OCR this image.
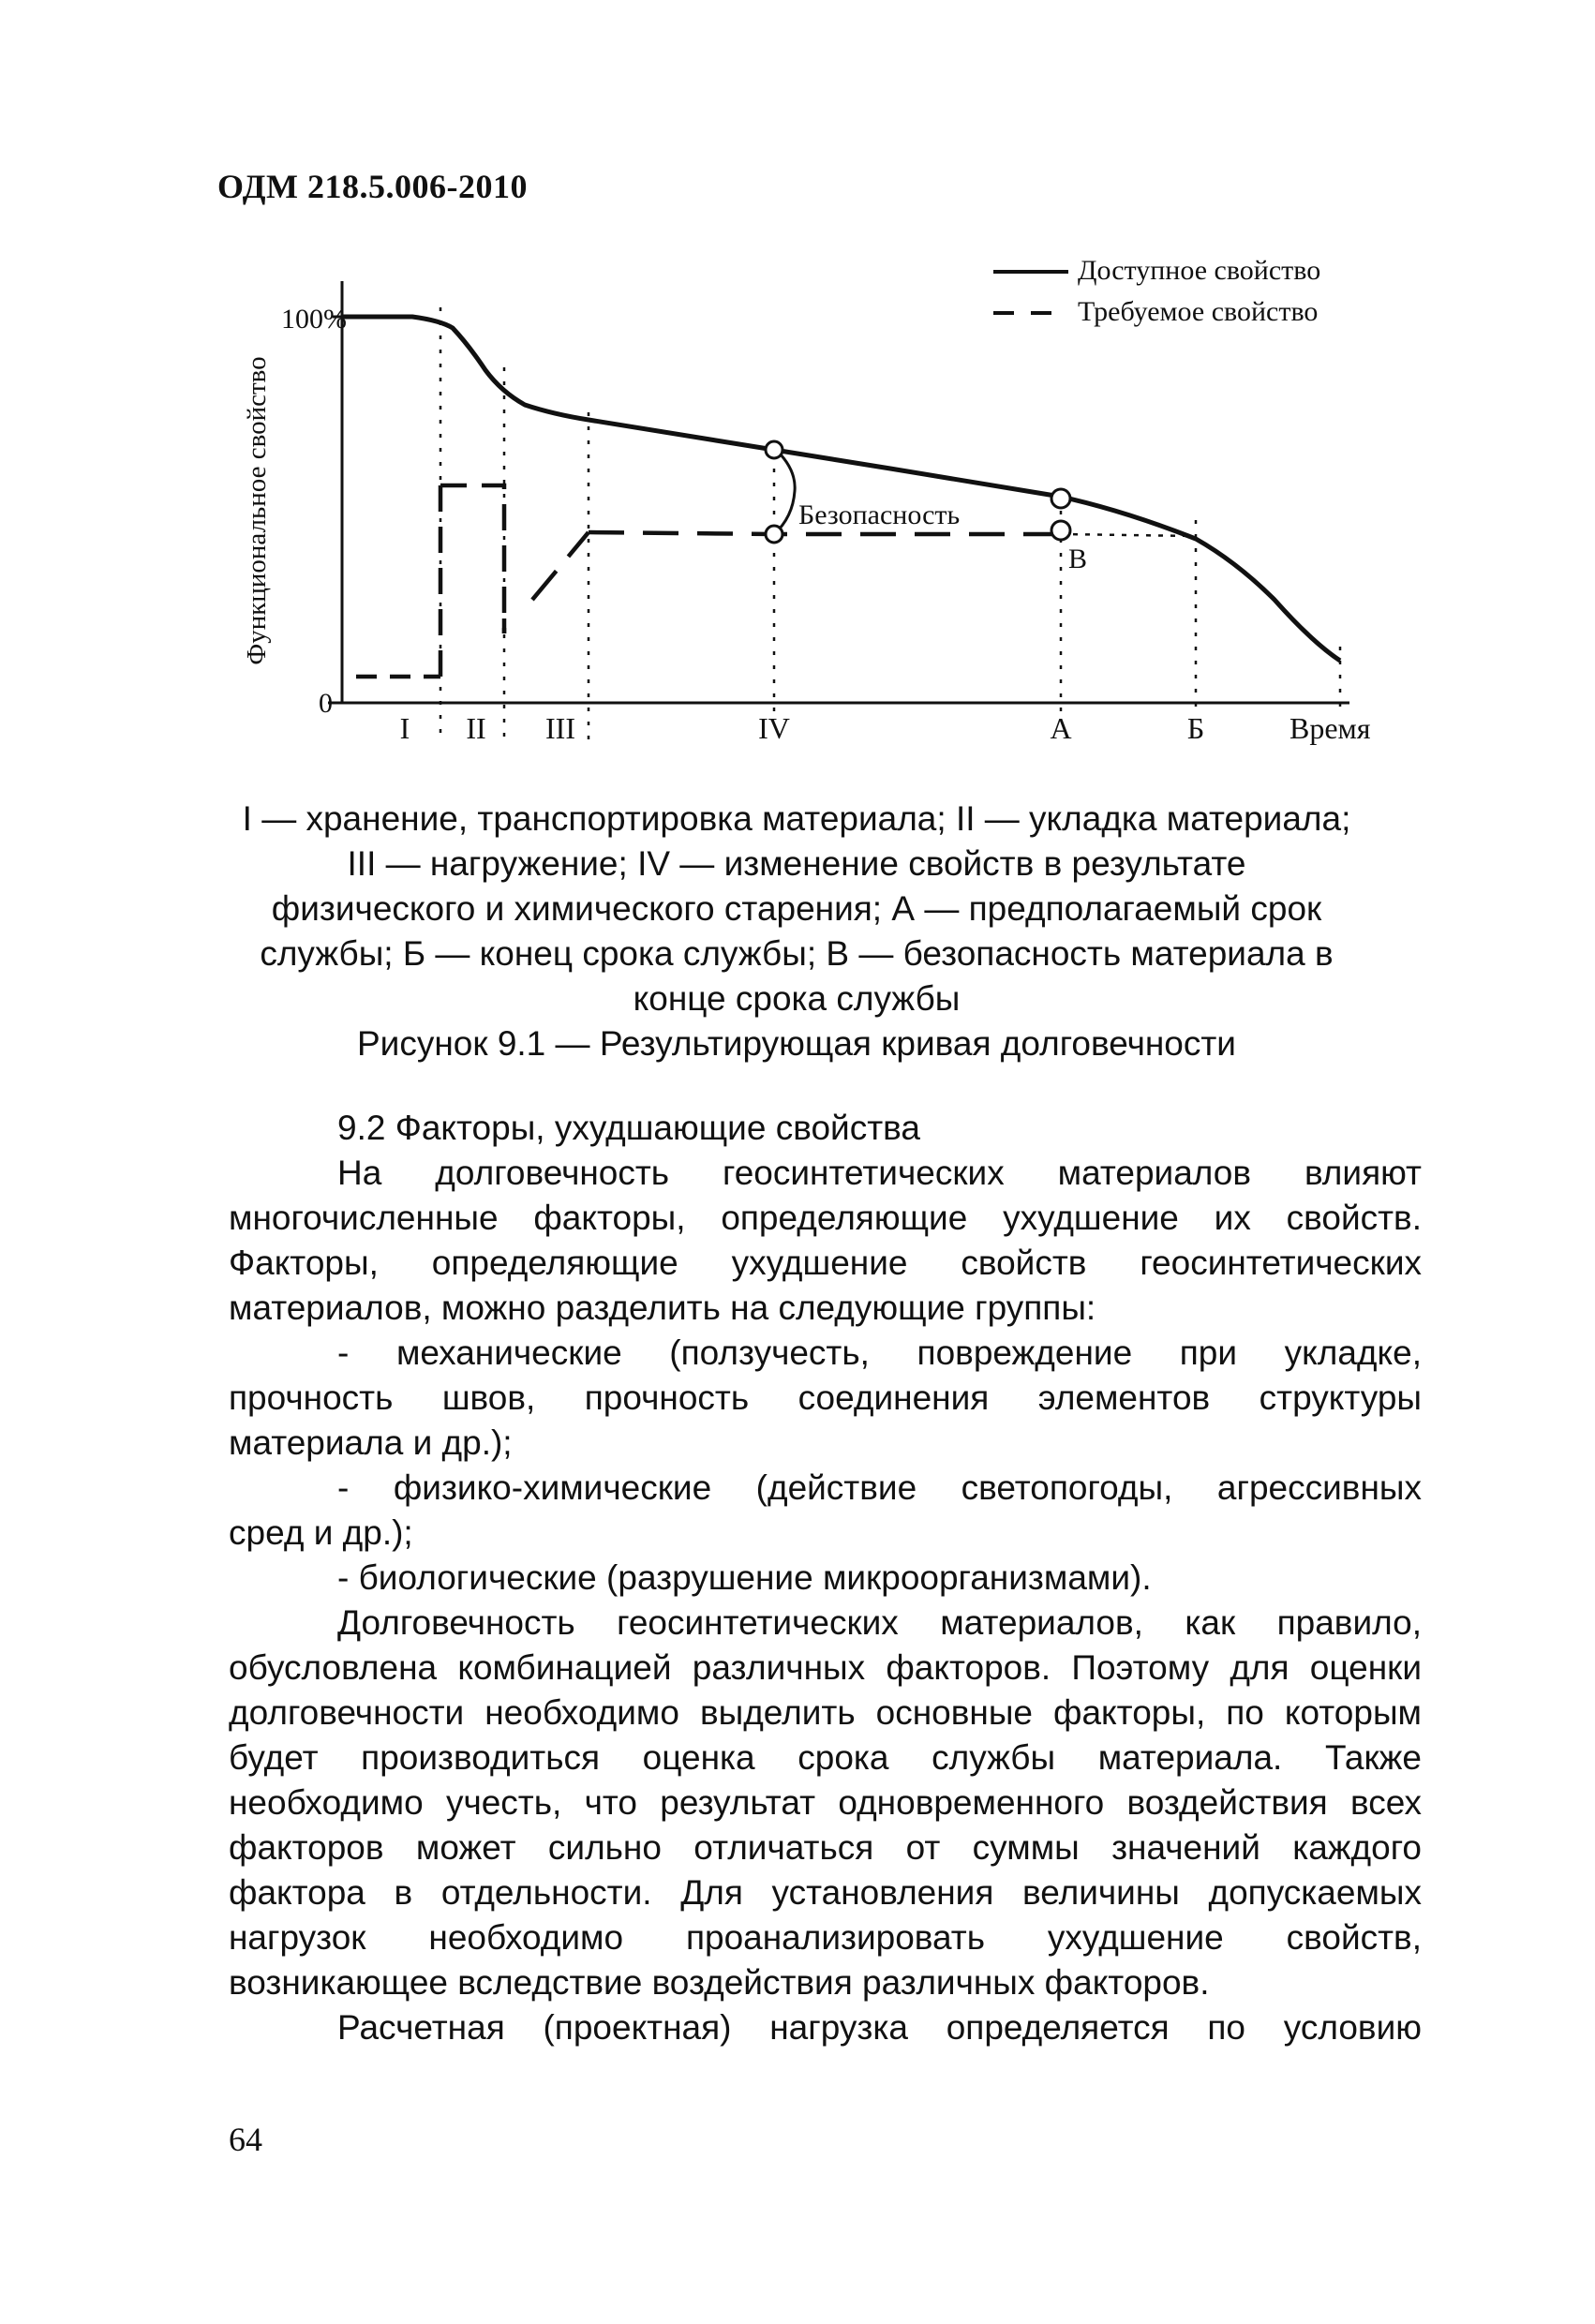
ОДМ 218.5.006-2010
100%
0
Функциональное свойство	Безопасность
В
Доступное свойство
Требуемое свойство
I II III	IV	A	Б	Время
I — хранение, транспортировка материала; II — укладка материала;
III — нагружение; IV — изменение свойств в результате
физического и химического старения; А — предполагаемый срок
службы; Б — конец срока службы; В — безопасность материала в
конце срока службы
Рисунок 9.1 — Результирующая кривая долговечности
9.2 Факторы, ухудшающие свойства
На долговечность геосинтетических материалов влияют
многочисленные факторы, определяющие ухудшение их свойств.
Факторы, определяющие ухудшение свойств геосинтетических
материалов, можно разделить на следующие группы:
- механические (ползучесть, повреждение при укладке,
прочность швов, прочность соединения элементов структуры
материала и др.);
- физико-химические (действие светопогоды, агрессивных
сред и др.);
- биологические (разрушение микроорганизмами).
Долговечность геосинтетических материалов, как правило,
обусловлена комбинацией различных факторов. Поэтому для оценки
долговечности необходимо выделить основные факторы, по которым
будет производиться оценка срока службы материала. Также
необходимо учесть, что результат одновременного воздействия всех
факторов может сильно отличаться от суммы значений каждого
фактора в отдельности. Для установления величины допускаемых
нагрузок необходимо проанализировать ухудшение свойств,
возникающее вследствие воздействия различных факторов.
Расчетная (проектная) нагрузка определяется по условию
64
